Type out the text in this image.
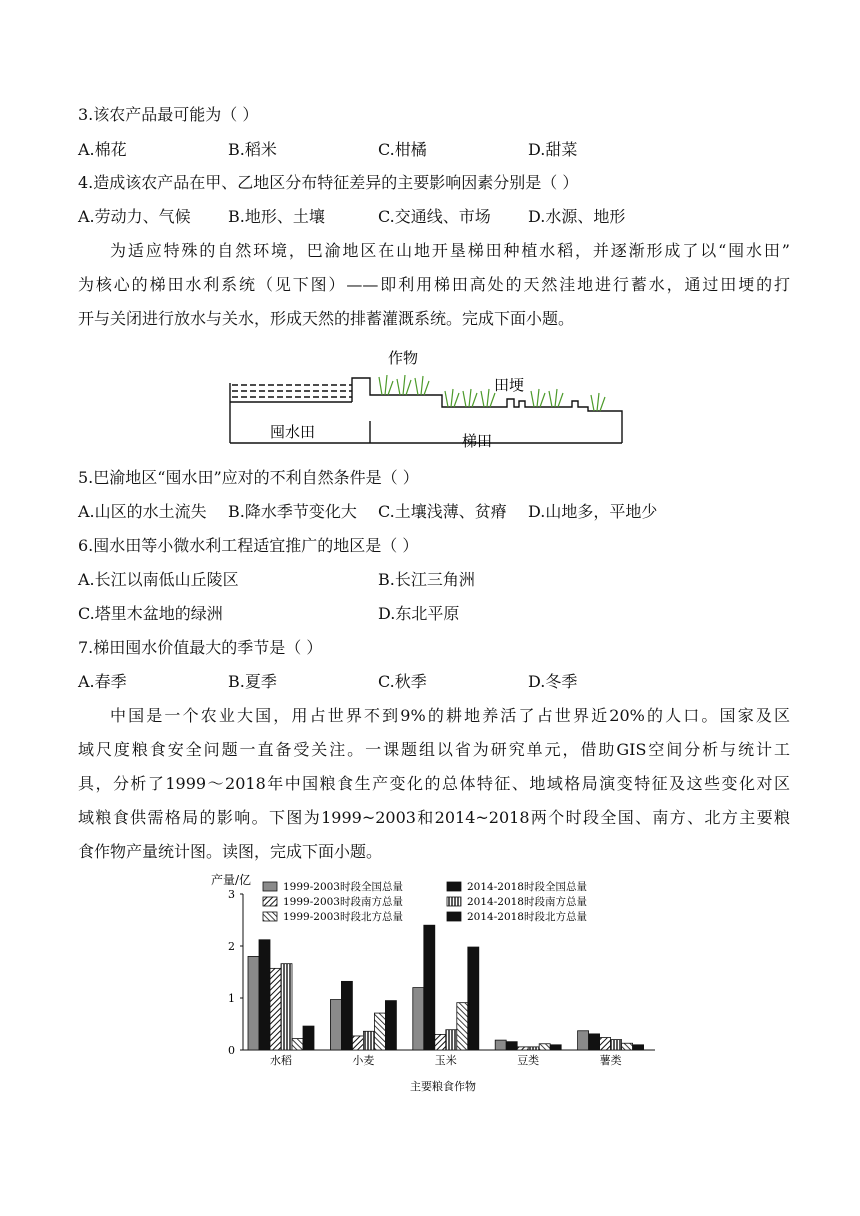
3.该农产品最可能为（ ）
A.棉花	B.稻米	C.柑橘	D.甜菜
4.造成该农产品在甲、乙地区分布特征差异的主要影响因素分别是（ ）
A.劳动力、气候 B.地形、土壤	C.交通线、市场 D.水源、地形
为适应特殊的自然环境，巴渝地区在山地开垦梯田种植水稻，并逐渐形成了以“囤水田”
为核心的梯田水利系统（见下图）——即利用梯田高处的天然洼地进行蓄水，通过田埂的打
开与关闭进行放水与关水，形成天然的排蓄灌溉系统。完成下面小题。
作物
田埂
囤水田	梯田
5.巴渝地区“囤水田”应对的不利自然条件是（ ）
A.山区的水土流失 B.降水季节变化大 C.土壤浅薄、贫瘠 D.山地多，平地少
6.囤水田等小微水利工程适宜推广的地区是（ ）
A.长江以南低山丘陵区	B.长江三角洲
C.塔里木盆地的绿洲	D.东北平原
7.梯田囤水价值最大的季节是（ ）
A.春季	B.夏季	C.秋季	D.冬季
中国是一个农业大国，用占世界不到9%的耕地养活了占世界近20%的人口。国家及区
域尺度粮食安全问题一直备受关注。一课题组以省为研究单元，借助GIS空间分析与统计工
具，分析了1999～2018年中国粮食生产变化的总体特征、地域格局演变特征及这些变化对区
域粮食供需格局的影响。下图为1999~2003和2014~2018两个时段全国、南方、北方主要粮
食作物产量统计图。读图，完成下面小题。
产量/亿
0
1
2
3
1999-2003时段全国总量
1999-2003时段南方总量
1999-2003时段北方总量
2014-2018时段全国总量
2014-2018时段南方总量
2014-2018时段北方总量
水稻	小麦	玉米	豆类	薯类
主要粮食作物
